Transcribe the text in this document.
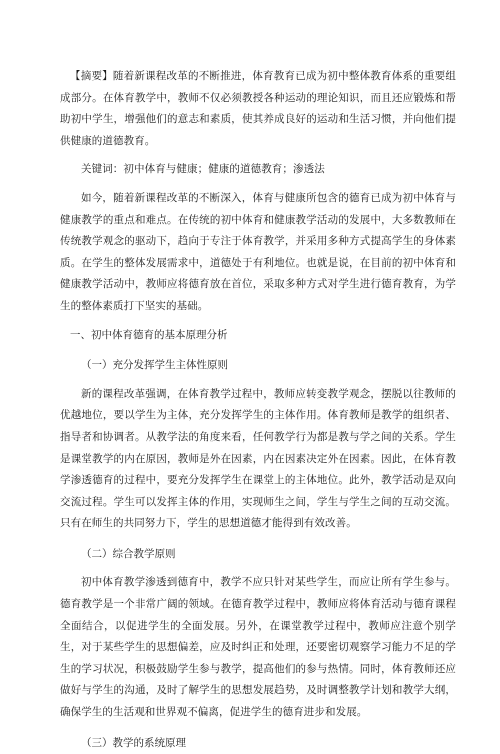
【摘要】随着新课程改革的不断推进，体育教育已成为初中整体教育体系的重要组成部分。在体育教学中，教师不仅必须教授各种运动的理论知识，而且还应锻炼和帮助初中学生，增强他们的意志和素质，使其养成良好的运动和生活习惯，并向他们提供健康的道德教育。

关键词：初中体育与健康；健康的道德教育；渗透法

如今，随着新课程改革的不断深入，体育与健康所包含的德育已成为初中体育与健康教学的重点和难点。在传统的初中体育和健康教学活动的发展中，大多数教师在传统教学观念的驱动下，趋向于专注于体育教学，并采用多种方式提高学生的身体素质。在学生的整体发展需求中，道德处于有利地位。也就是说，在目前的初中体育和健康教学活动中，教师应将德育放在首位，采取多种方式对学生进行德育教育，为学生的整体素质打下坚实的基础。

一、初中体育德育的基本原理分析

（一）充分发挥学生主体性原则

新的课程改革强调，在体育教学过程中，教师应转变教学观念，摆脱以往教师的优越地位，要以学生为主体，充分发挥学生的主体作用。体育教师是教学的组织者、指导者和协调者。从教学法的角度来看，任何教学行为都是教与学之间的关系。学生是课堂教学的内在原因，教师是外在因素，内在因素决定外在因素。因此，在体育教学渗透德育的过程中，要充分发挥学生在课堂上的主体地位。此外，教学活动是双向交流过程。学生可以发挥主体的作用，实现师生之间，学生与学生之间的互动交流。只有在师生的共同努力下，学生的思想道德才能得到有效改善。

（二）综合教学原则

初中体育教学渗透到德育中，教学不应只针对某些学生，而应让所有学生参与。德育教学是一个非常广阔的领域。在德育教学过程中，教师应将体育活动与德育课程全面结合，以促进学生的全面发展。另外，在课堂教学过程中，教师应注意个别学生，对于某些学生的思想偏差，应及时纠正和处理，还要密切观察学习能力不足的学生的学习状况，积极鼓励学生参与教学，提高他们的参与热情。同时，体育教师还应做好与学生的沟通，及时了解学生的思想发展趋势，及时调整教学计划和教学大纲，确保学生的生活观和世界观不偏离，促进学生的德育进步和发展。

（三）教学的系统原理
